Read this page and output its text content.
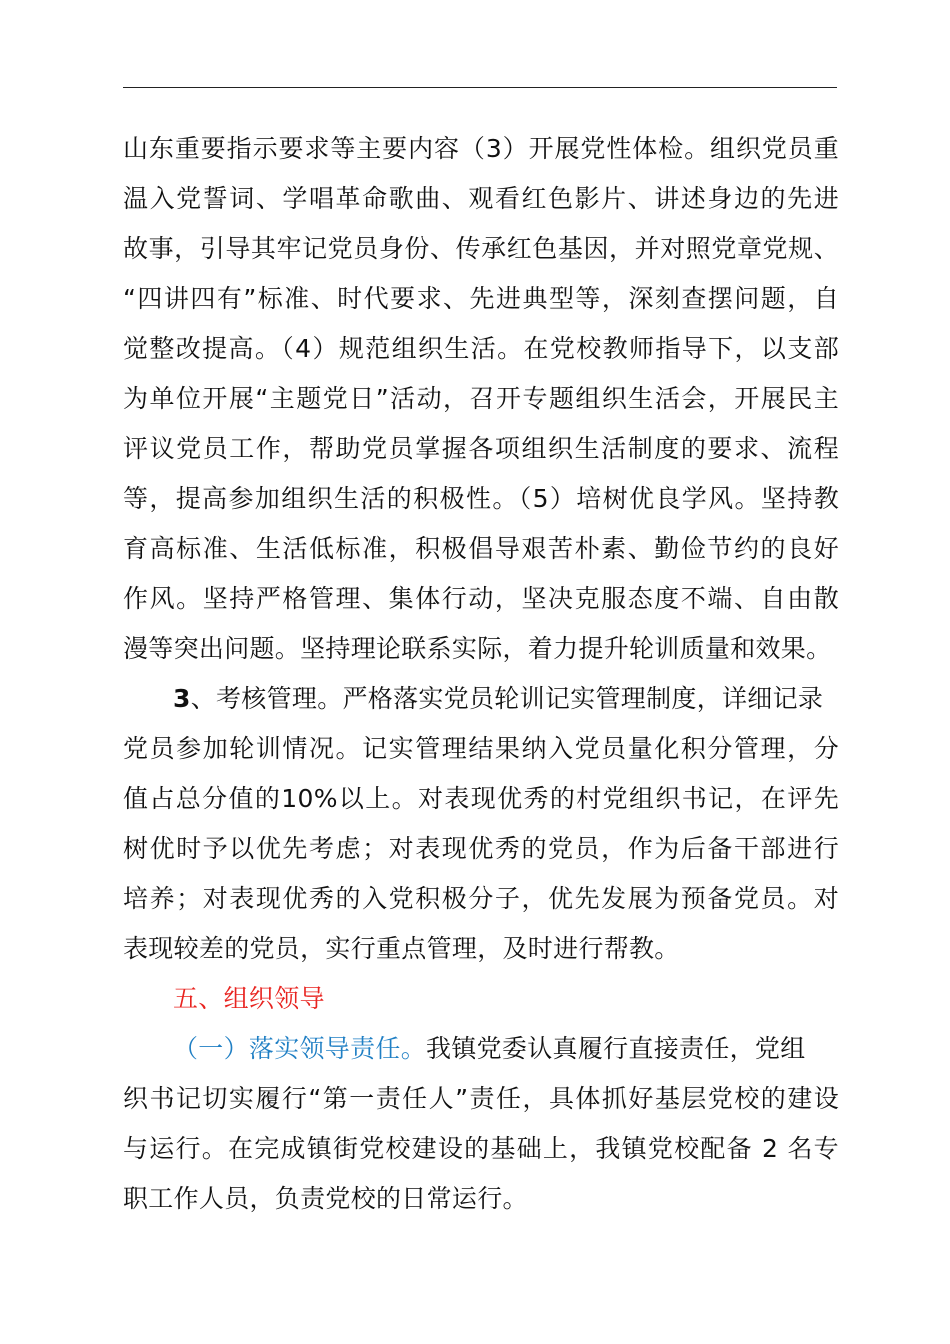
山东重要指示要求等主要内容（3）开展党性体检。组织党员重
温入党誓词、学唱革命歌曲、观看红色影片、讲述身边的先进
故事，引导其牢记党员身份、传承红色基因，并对照党章党规、
“四讲四有”标准、时代要求、先进典型等，深刻查摆问题，自
觉整改提高。（4）规范组织生活。在党校教师指导下，以支部
为单位开展“主题党日”活动，召开专题组织生活会，开展民主
评议党员工作，帮助党员掌握各项组织生活制度的要求、流程
等，提高参加组织生活的积极性。（5）培树优良学风。坚持教
育高标准、生活低标准，积极倡导艰苦朴素、勤俭节约的良好
作风。坚持严格管理、集体行动，坚决克服态度不端、自由散
漫等突出问题。坚持理论联系实际，着力提升轮训质量和效果。
3、考核管理。严格落实党员轮训记实管理制度，详细记录
党员参加轮训情况。记实管理结果纳入党员量化积分管理，分
值占总分值的10%以上。对表现优秀的村党组织书记，在评先
树优时予以优先考虑；对表现优秀的党员，作为后备干部进行
培养；对表现优秀的入党积极分子，优先发展为预备党员。对
表现较差的党员，实行重点管理，及时进行帮教。
五、组织领导
（一）落实领导责任。我镇党委认真履行直接责任，党组
织书记切实履行“第一责任人”责任，具体抓好基层党校的建设
与运行。在完成镇街党校建设的基础上，我镇党校配备 2 名专
职工作人员，负责党校的日常运行。
